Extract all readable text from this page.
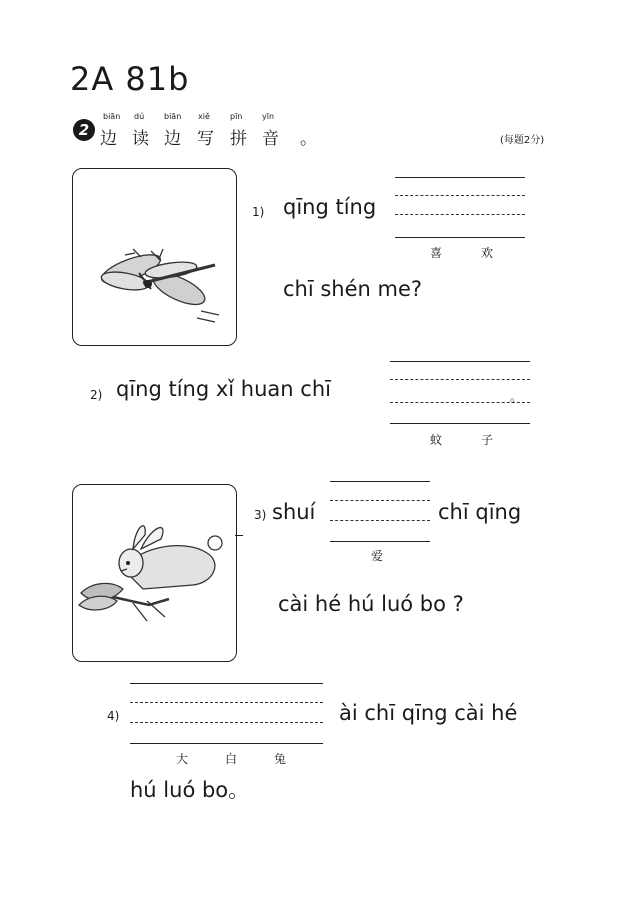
2A 81b
2
biān dú biān xiě	pīn yīn
边 读 边 写 拼 音 。	(每题2分)
1) qīng tíng
喜	欢
chī shén me?
2) qīng tíng xǐ huan chī	。
蚊	子
3) shuí
爱
chī qīng
cài hé hú luó bo ?
4)
大	白	兔
ài chī qīng cài hé
hú luó bo。
